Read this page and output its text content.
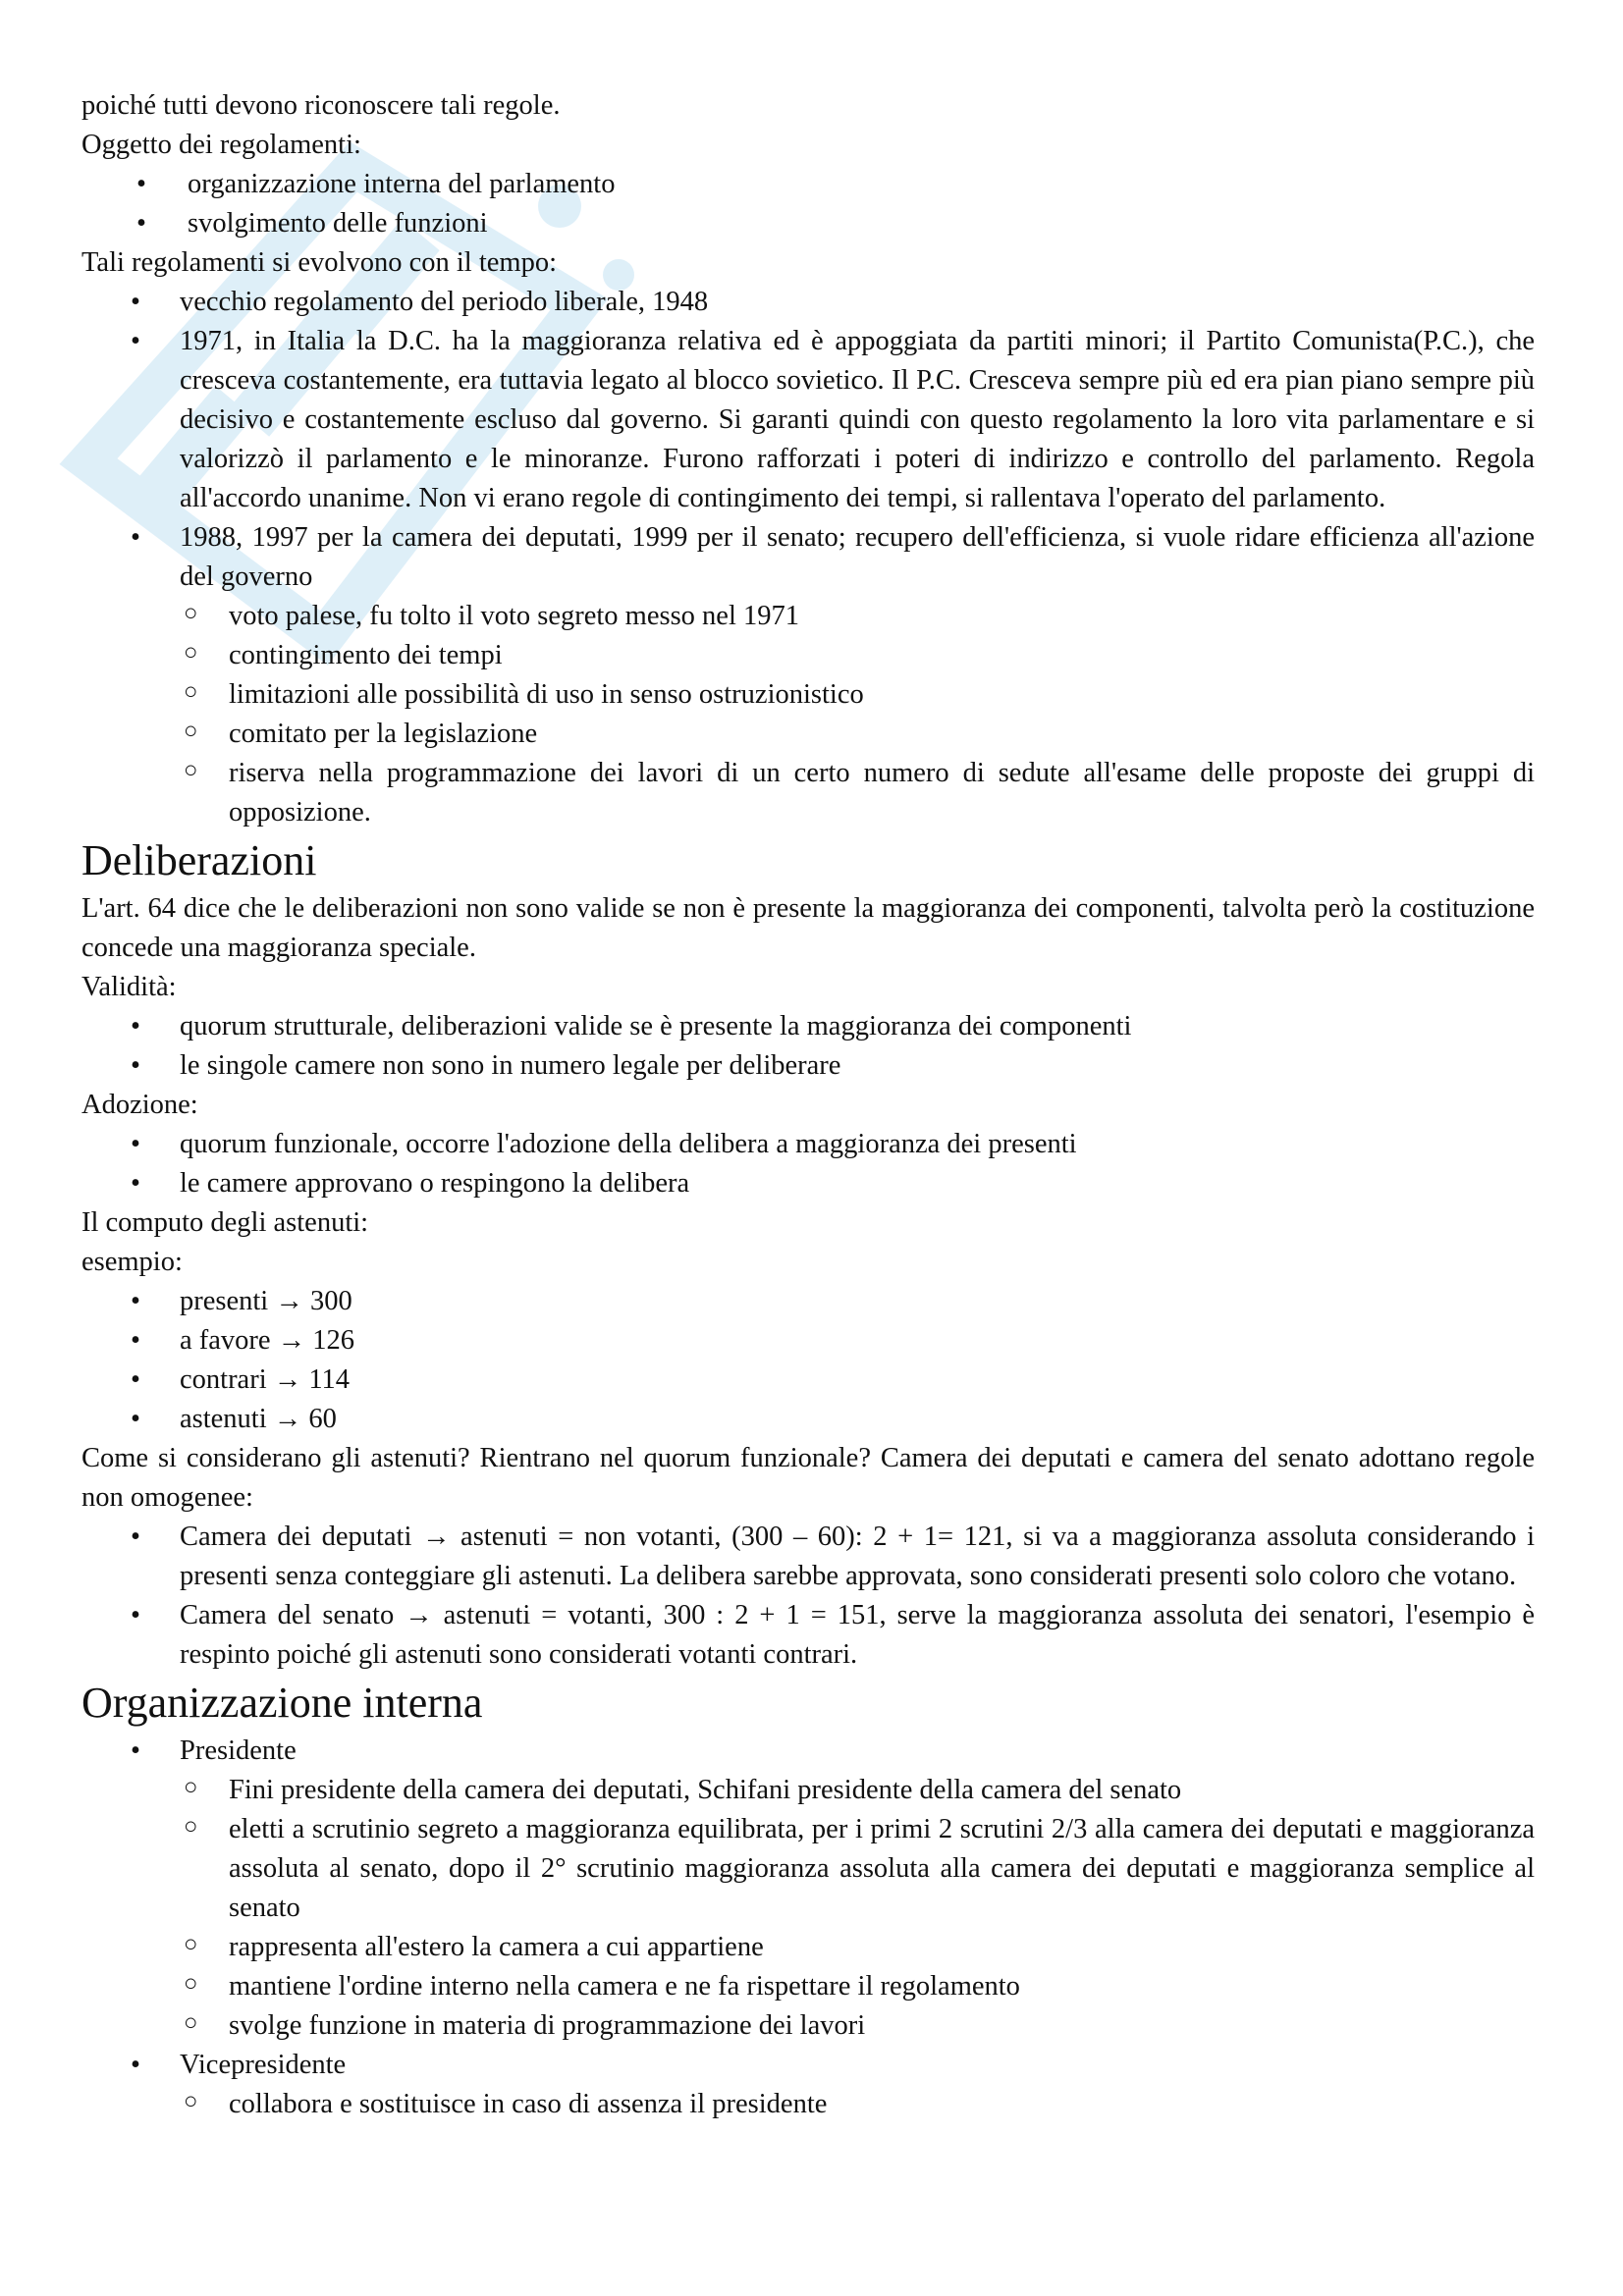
poiché tutti devono riconoscere tali regole.

Oggetto dei regolamenti:

• organizzazione interna del parlamento
• svolgimento delle funzioni

Tali regolamenti si evolvono con il tempo:

• vecchio regolamento del periodo liberale, 1948
• 1971, in Italia la D.C. ha la maggioranza relativa ed è appoggiata da partiti minori; il Partito Comunista(P.C.), che cresceva costantemente, era tuttavia legato al blocco sovietico. Il P.C. Cresceva sempre più ed era pian piano sempre più decisivo e costantemente escluso dal governo. Si garanti quindi con questo regolamento la loro vita parlamentare e si valorizzò il parlamento e le minoranze. Furono rafforzati i poteri di indirizzo e controllo del parlamento. Regola all'accordo unanime. Non vi erano regole di contingimento dei tempi, si rallentava l'operato del parlamento.
• 1988, 1997 per la camera dei deputati, 1999 per il senato; recupero dell'efficienza, si vuole ridare efficienza all'azione del governo
○ voto palese, fu tolto il voto segreto messo nel 1971
○ contingimento dei tempi
○ limitazioni alle possibilità di uso in senso ostruzionistico
○ comitato per la legislazione
○ riserva nella programmazione dei lavori di un certo numero di sedute all'esame delle proposte dei gruppi di opposizione.
Deliberazioni

L'art. 64 dice che le deliberazioni non sono valide se non è presente la maggioranza dei componenti, talvolta però la costituzione concede una maggioranza speciale.

Validità:

• quorum strutturale, deliberazioni valide se è presente la maggioranza dei componenti
• le singole camere non sono in numero legale per deliberare

Adozione:

• quorum funzionale, occorre l'adozione della delibera a maggioranza dei presenti
• le camere approvano o respingono la delibera

Il computo degli astenuti:

esempio:

• presenti → 300
• a favore → 126
• contrari → 114
• astenuti → 60

Come si considerano gli astenuti? Rientrano nel quorum funzionale? Camera dei deputati e camera del senato adottano regole non omogenee:

• Camera dei deputati → astenuti = non votanti, (300 – 60): 2 + 1= 121, si va a maggioranza assoluta considerando i presenti senza conteggiare gli astenuti. La delibera sarebbe approvata, sono considerati presenti solo coloro che votano.
• Camera del senato → astenuti = votanti, 300 : 2 + 1 = 151, serve la maggioranza assoluta dei senatori, l'esempio è respinto poiché gli astenuti sono considerati votanti contrari.
Organizzazione interna
• Presidente
○ Fini presidente della camera dei deputati, Schifani presidente della camera del senato
○ eletti a scrutinio segreto a maggioranza equilibrata, per i primi 2 scrutini 2/3 alla camera dei deputati e maggioranza assoluta al senato, dopo il 2° scrutinio maggioranza assoluta alla camera dei deputati e maggioranza semplice al senato
○ rappresenta all'estero la camera a cui appartiene
○ mantiene l'ordine interno nella camera e ne fa rispettare il regolamento
○ svolge funzione in materia di programmazione dei lavori
• Vicepresidente
○ collabora e sostituisce in caso di assenza il presidente
